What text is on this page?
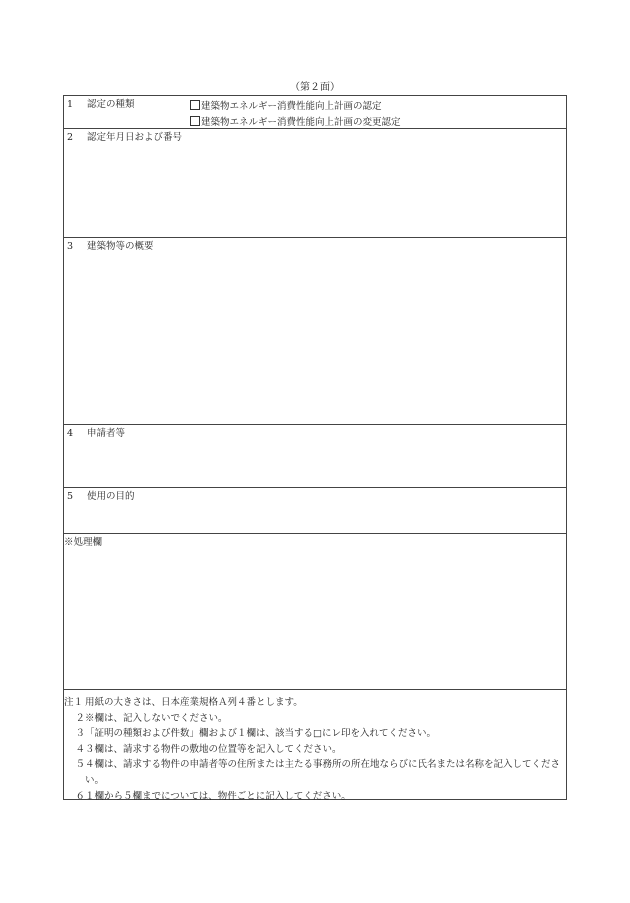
（第２面）
1 認定の種類	建築物エネルギー消費性能向上計画の認定
建築物エネルギー消費性能向上計画の変更認定
2 認定年月日および番号
3 建築物等の概要
4 申請者等
5 使用の目的
※処理欄
注１ 用紙の大きさは、日本産業規格Ａ列４番とします。
２ ※欄は、記入しないでください。
３ 「証明の種類および件数」欄および１欄は、該当する□にレ印を入れてください。
４ ３欄は、請求する物件の敷地の位置等を記入してください。
５ ４欄は、請求する物件の申請者等の住所または主たる事務所の所在地ならびに氏名または名称を記入してください。
６ １欄から５欄までについては、物件ごとに記入してください。
